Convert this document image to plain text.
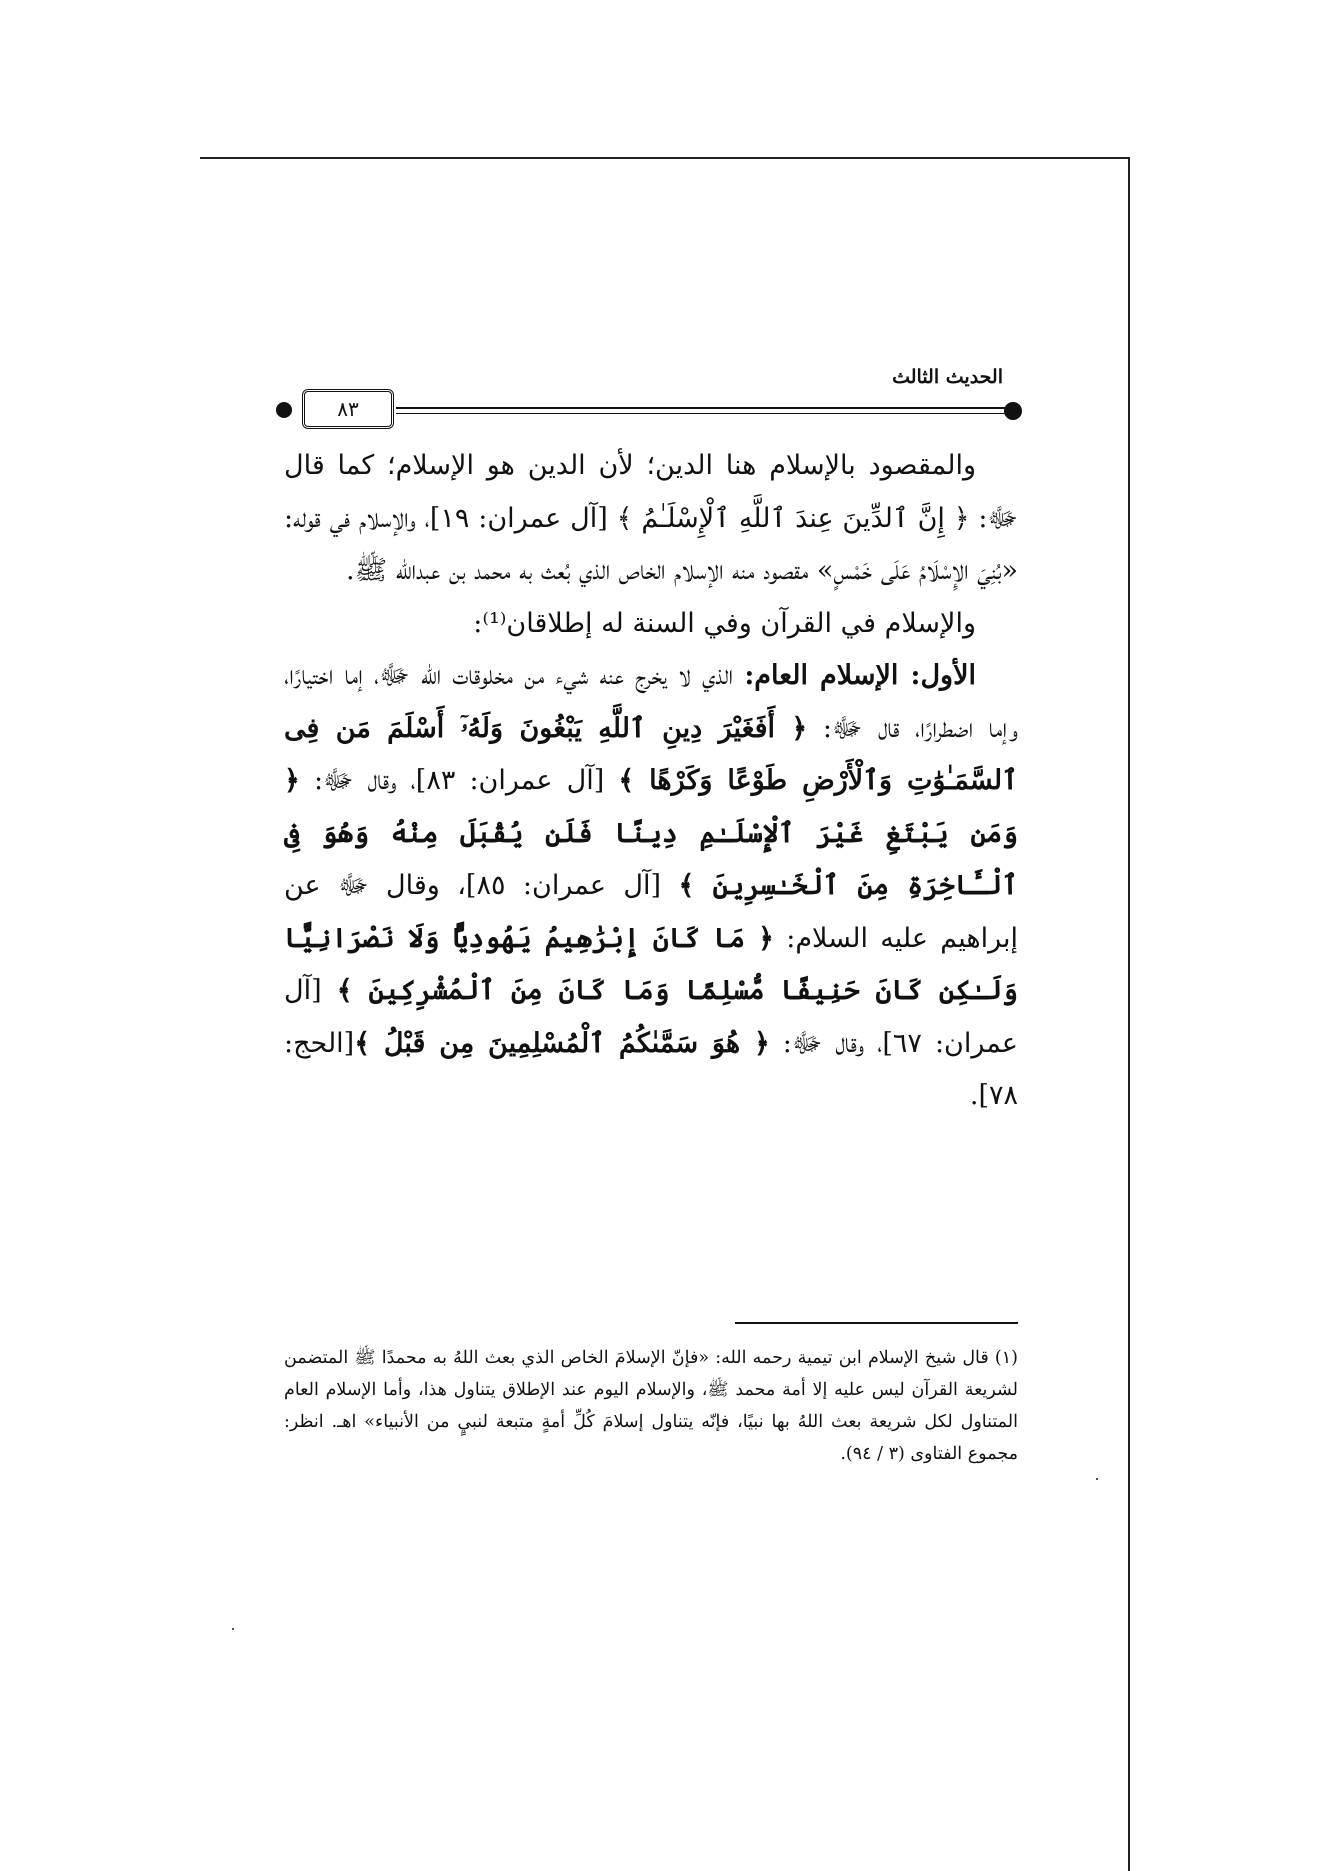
الحديث الثالث
٨٣

والمقصود بالإسلام هنا الدين؛ لأن الدين هو الإسلام؛ كما قال ﷻ: ﴿ إِنَّ ٱلدِّينَ عِندَ ٱللَّهِ ٱلْإِسْلَـٰمُ ﴾ [آل عمران: ١٩]، والإسلام في قوله: «بُنِيَ الإِسْلَامُ عَلَى خَمْسٍ» مقصود منه الإسلام الخاص الذي بُعث به محمد بن عبدالله ﷺ.

والإسلام في القرآن وفي السنة له إطلاقان⁽¹⁾:

الأول: الإسلام العام: الذي لا يخرج عنه شيء من مخلوقات الله ﷻ، إما اختيارًا، وإما اضطرارًا، قال ﷻ: ﴿ أَفَغَيْرَ دِينِ ٱللَّهِ يَبْغُونَ وَلَهُۥٓ أَسْلَمَ مَن فِى ٱلسَّمَـٰوَٰتِ وَٱلْأَرْضِ طَوْعًا وَكَرْهًا ﴾ [آل عمران: ٨٣]، وقال ﷻ: ﴿ وَمَن يَبْتَغِ غَيْرَ ٱلْإِسْلَـٰمِ دِينًا فَلَن يُقْبَلَ مِنْهُ وَهُوَ فِى ٱلْـَٔاخِرَةِ مِنَ ٱلْخَـٰسِرِينَ ﴾ [آل عمران: ٨٥]، وقال ﷻ عن إبراهيم عليه السلام: ﴿ مَا كَانَ إِبْرَٰهِيمُ يَهُودِيًّا وَلَا نَصْرَانِيًّا وَلَـٰكِن كَانَ حَنِيفًا مُّسْلِمًا وَمَا كَانَ مِنَ ٱلْمُشْرِكِينَ ﴾ [آل عمران: ٦٧]، وقال ﷻ: ﴿ هُوَ سَمَّىٰكُمُ ٱلْمُسْلِمِينَ مِن قَبْلُ ﴾[الحج: ٧٨].

(١) قال شيخ الإسلام ابن تيمية رحمه الله: «فإنّ الإسلامَ الخاص الذي بعث اللهُ به محمدًا ﷺ المتضمن لشريعة القرآن ليس عليه إلا أمة محمد ﷺ، والإسلام اليوم عند الإطلاق يتناول هذا، وأما الإسلام العام المتناول لكل شريعة بعث اللهُ بها نبيًا، فإنّه يتناول إسلامَ كُلِّ أمةٍ متبعة لنبيٍ من الأنبياء» اهـ. انظر: مجموع الفتاوى (٣ / ٩٤).
